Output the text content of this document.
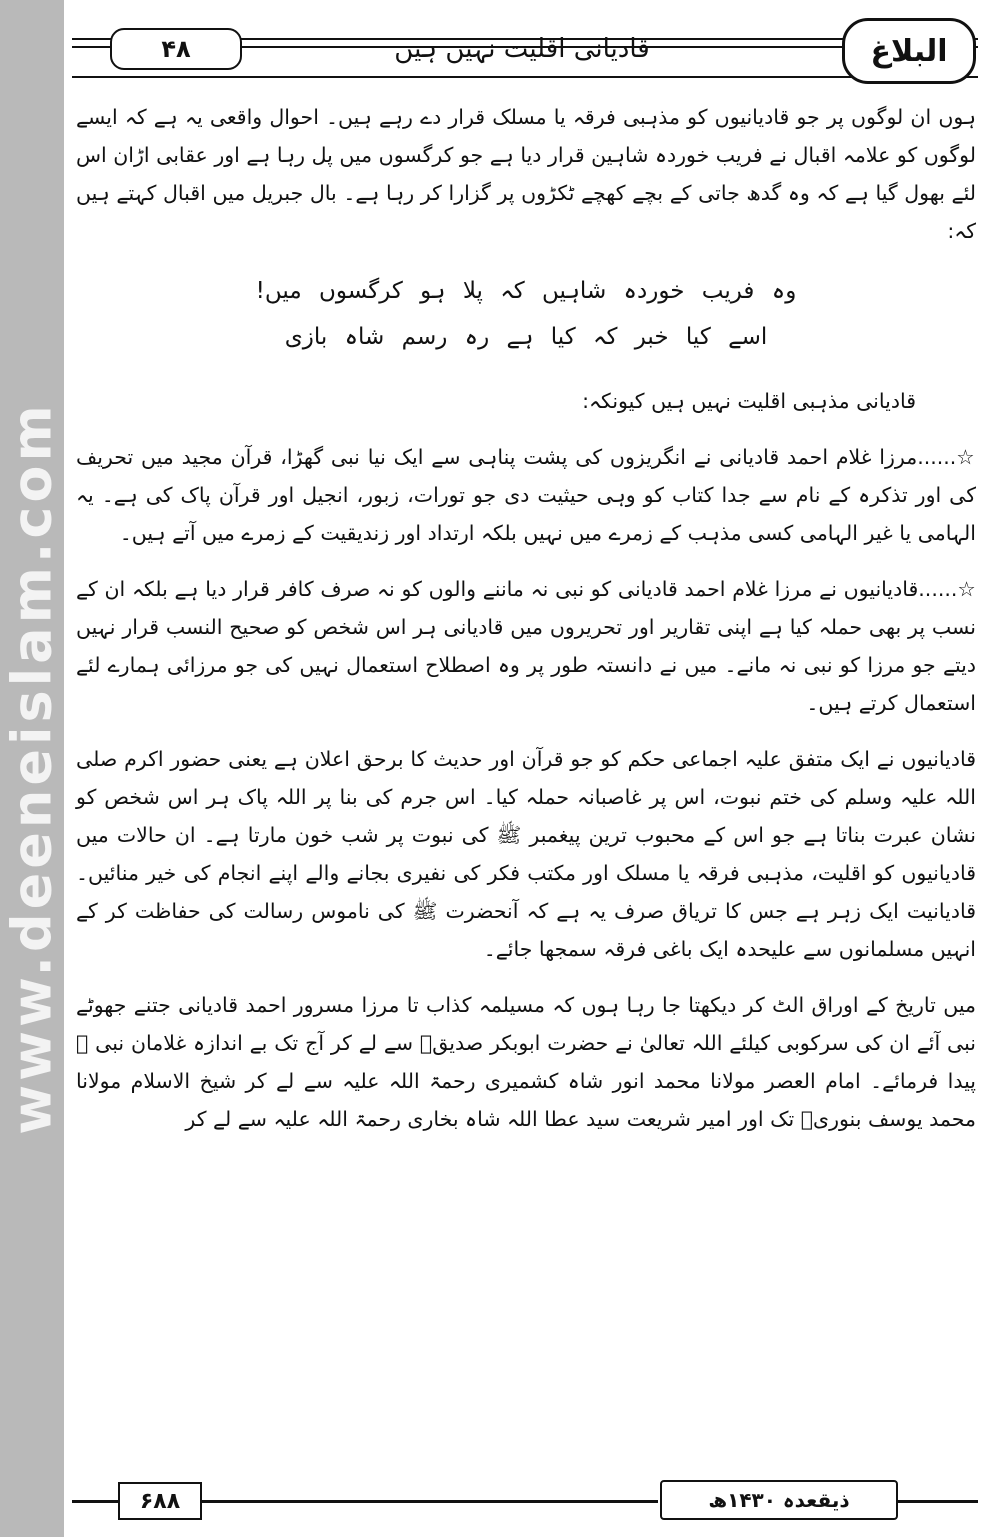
www.deeneislam.com
۴۸	قادیانی اقلیت نہیں ہیں	البلاغ

ہوں ان لوگوں پر جو قادیانیوں کو مذہبی فرقہ یا مسلک قرار دے رہے ہیں۔ احوال واقعی یہ ہے کہ ایسے لوگوں کو علامہ اقبال نے فریب خوردہ شاہین قرار دیا ہے جو کرگسوں میں پل رہا ہے اور عقابی اڑان اس لئے بھول گیا ہے کہ وہ گدھ جاتی کے بچے کھچے ٹکڑوں پر گزارا کر رہا ہے۔ بال جبریل میں اقبال کہتے ہیں کہ:

وہ فریب خوردہ شاہیں کہ پلا ہو کرگسوں میں!
اسے کیا خبر کہ کیا ہے رہ رسم شاہ بازی

قادیانی مذہبی اقلیت نہیں ہیں کیونکہ:

☆......مرزا غلام احمد قادیانی نے انگریزوں کی پشت پناہی سے ایک نیا نبی گھڑا، قرآن مجید میں تحریف کی اور تذکرہ کے نام سے جدا کتاب کو وہی حیثیت دی جو تورات، زبور، انجیل اور قرآن پاک کی ہے۔ یہ الہامی یا غیر الہامی کسی مذہب کے زمرے میں نہیں بلکہ ارتداد اور زندیقیت کے زمرے میں آتے ہیں۔

☆......قادیانیوں نے مرزا غلام احمد قادیانی کو نبی نہ ماننے والوں کو نہ صرف کافر قرار دیا ہے بلکہ ان کے نسب پر بھی حملہ کیا ہے اپنی تقاریر اور تحریروں میں قادیانی ہر اس شخص کو صحیح النسب قرار نہیں دیتے جو مرزا کو نبی نہ مانے۔ میں نے دانستہ طور پر وہ اصطلاح استعمال نہیں کی جو مرزائی ہمارے لئے استعمال کرتے ہیں۔

قادیانیوں نے ایک متفق علیہ اجماعی حکم کو جو قرآن اور حدیث کا برحق اعلان ہے یعنی حضور اکرم صلی اللہ علیہ وسلم کی ختم نبوت، اس پر غاصبانہ حملہ کیا۔ اس جرم کی بنا پر اللہ پاک ہر اس شخص کو نشان عبرت بناتا ہے جو اس کے محبوب ترین پیغمبر ﷺ کی نبوت پر شب خون مارتا ہے۔ ان حالات میں قادیانیوں کو اقلیت، مذہبی فرقہ یا مسلک اور مکتب فکر کی نفیری بجانے والے اپنے انجام کی خیر منائیں۔ قادیانیت ایک زہر ہے جس کا تریاق صرف یہ ہے کہ آنحضرت ﷺ کی ناموس رسالت کی حفاظت کر کے انہیں مسلمانوں سے علیحدہ ایک باغی فرقہ سمجھا جائے۔

میں تاریخ کے اوراق الٹ کر دیکھتا جا رہا ہوں کہ مسیلمہ کذاب تا مرزا مسرور احمد قادیانی جتنے جھوٹے نبی آئے ان کی سرکوبی کیلئے اللہ تعالیٰ نے حضرت ابوبکر صدیقؓ سے لے کر آج تک بے اندازہ غلامان نبی ﷺ پیدا فرمائے۔ امام العصر مولانا محمد انور شاہ کشمیری رحمۃ اللہ علیہ سے لے کر شیخ الاسلام مولانا محمد یوسف بنوریؒ تک اور امیر شریعت سید عطا اللہ شاہ بخاری رحمۃ اللہ علیہ سے لے کر

۶۸۸	ذیقعدہ ۱۴۳۰ھ
